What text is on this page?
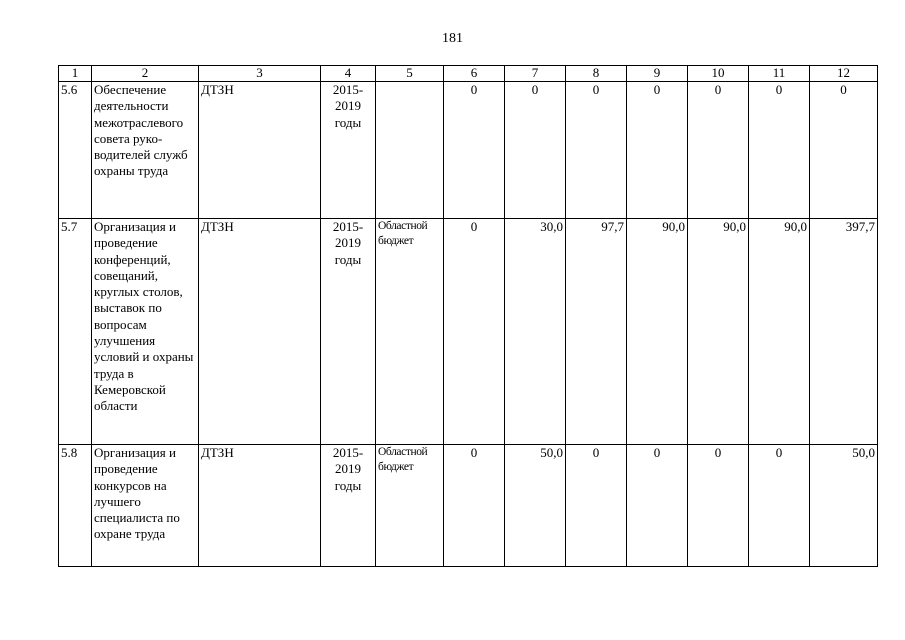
181
1	2	3	4	5	6	7	8	9	10	11	12
5.6	Обеспечение деятельности межотраслевого совета руко-водителей служб охраны труда	ДТЗН	2015-2019 годы		0	0	0	0	0	0	0
5.7	Организация и проведение конференций, совещаний, круглых столов, выставок по вопросам улучшения условий и охраны труда в Кемеровской области	ДТЗН	2015-2019 годы	Областной бюджет	0	30,0	97,7	90,0	90,0	90,0	397,7
5.8	Организация и проведение конкурсов на лучшего специалиста по охране труда	ДТЗН	2015-2019 годы	Областной бюджет	0	50,0	0	0	0	0	50,0
